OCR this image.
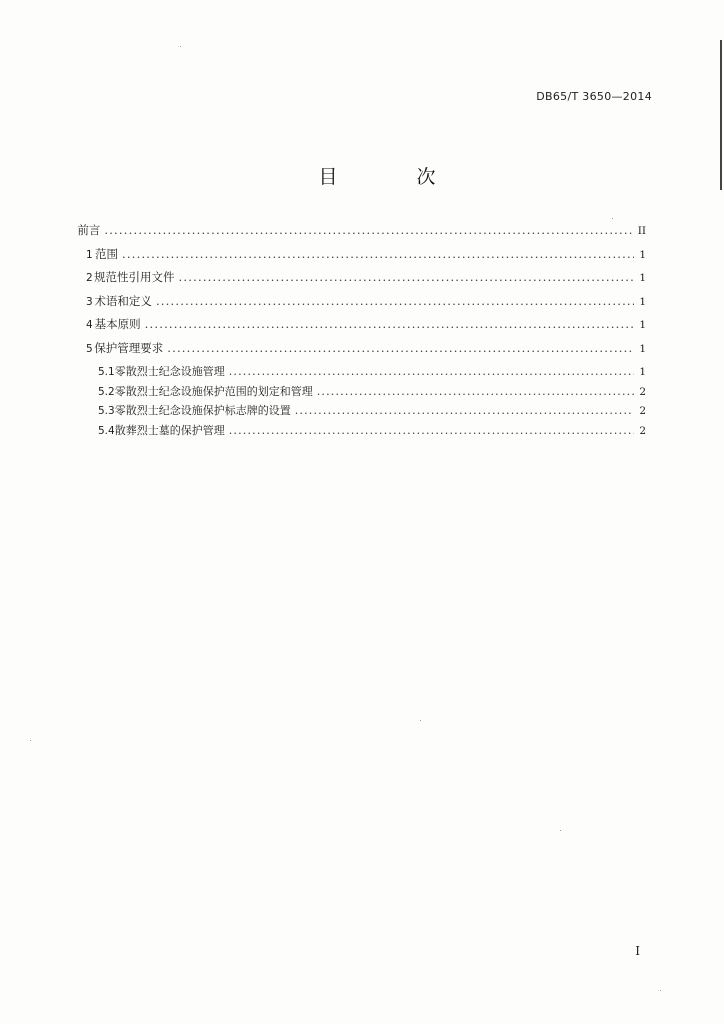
DB65/T 3650—2014
目　次
前言 .....	II
1 范围 .....	1
2 规范性引用文件 .....	1
3 术语和定义 .....	1
4 基本原则 .....	1
5 保护管理要求 .....	1
5.1 零散烈士纪念设施管理 .....	1
5.2 零散烈士纪念设施保护范围的划定和管理 .....	2
5.3 零散烈士纪念设施保护标志牌的设置 .....	2
5.4 散葬烈士墓的保护管理 .....	2
I
